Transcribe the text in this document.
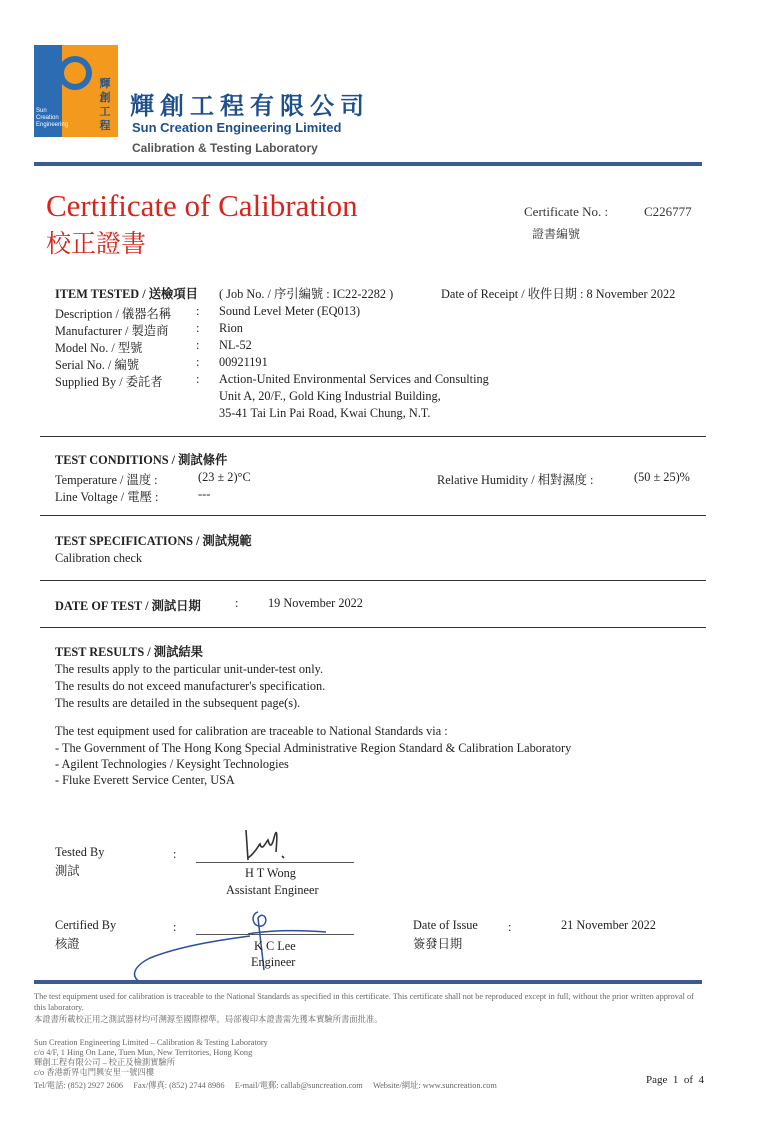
輝
創
工
程
Sun
Creation
Engineering
輝創工程有限公司
Sun Creation Engineering Limited
Calibration & Testing Laboratory
Certificate of Calibration
校正證書
Certificate No. :	C226777
證書編號
ITEM TESTED / 送檢項目 ( Job No. / 序引編號 : IC22-2282 )	Date of Receipt / 收件日期 : 8 November 2022
Description / 儀器名稱 : Sound Level Meter (EQ013)
Manufacturer / 製造商 : Rion
Model No. / 型號	: NL-52
Serial No. / 編號	: 00921191
Supplied By / 委託者	: Action-United Environmental Services and Consulting
Unit A, 20/F., Gold King Industrial Building,
35-41 Tai Lin Pai Road, Kwai Chung, N.T.
TEST CONDITIONS / 測試條件
Temperature / 溫度 :	(23 ± 2)°C	Relative Humidity / 相對濕度 :	(50 ± 25)%
Line Voltage / 電壓 :	---
TEST SPECIFICATIONS / 測試規範
Calibration check
DATE OF TEST / 測試日期	: 19 November 2022
TEST RESULTS / 測試結果
The results apply to the particular unit-under-test only.
The results do not exceed manufacturer's specification.
The results are detailed in the subsequent page(s).
The test equipment used for calibration are traceable to National Standards via :
- The Government of The Hong Kong Special Administrative Region Standard & Calibration Laboratory
- Agilent Technologies / Keysight Technologies
- Fluke Everett Service Center, USA
Tested By
測試
:
H T Wong
Assistant Engineer
Certified By
核證
:
K C Lee
Engineer
Date of Issue
簽發日期
:	21 November 2022
The test equipment used for calibration is traceable to the National Standards as specified in this certificate. This certificate shall not be reproduced except in full, without the prior written approval of this laboratory.
本證書所載校正用之測試器材均可溯源至國際標準。局部複印本證書需先獲本實驗所書面批准。
Sun Creation Engineering Limited – Calibration & Testing Laboratory
c/o 4/F, 1 Hing On Lane, Tuen Mun, New Territories, Hong Kong
輝創工程有限公司 – 校正及檢測實驗所
c/o 香港新界屯門興安里一號四樓
Tel/電話: (852) 2927 2606     Fax/傳真: (852) 2744 8986     E-mail/電郵: callab@suncreation.com     Website/網址: www.suncreation.com	Page  1  of  4
